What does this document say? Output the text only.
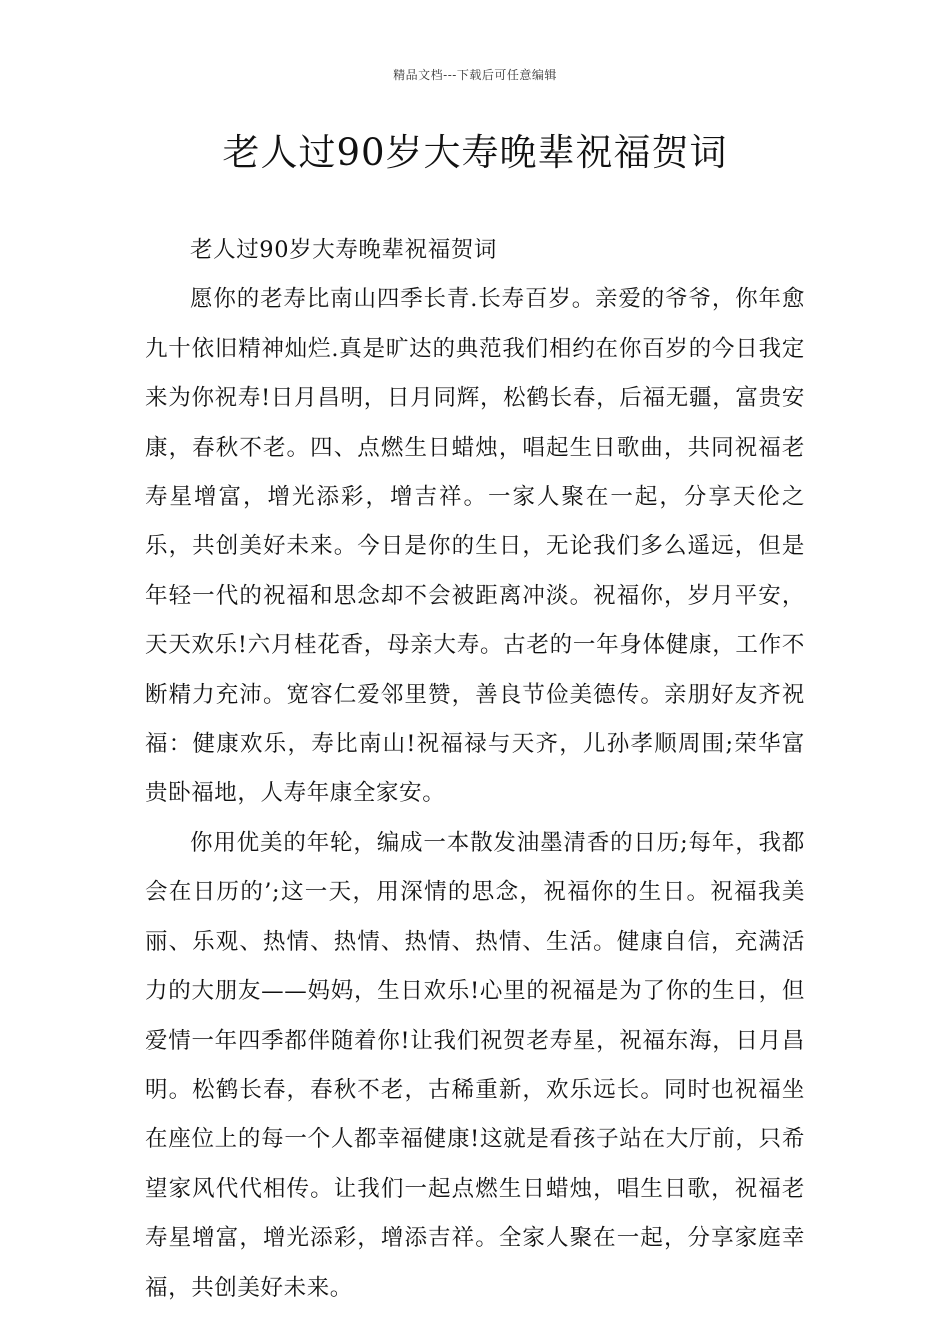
精品文档---下载后可任意编辑
老人过90岁大寿晚辈祝福贺词

老人过90岁大寿晚辈祝福贺词

愿你的老寿比南山四季长青.长寿百岁。亲爱的爷爷，你年愈九十依旧精神灿烂.真是旷达的典范我们相约在你百岁的今日我定来为你祝寿!日月昌明，日月同辉，松鹤长春，后福无疆，富贵安康，春秋不老。四、点燃生日蜡烛，唱起生日歌曲，共同祝福老寿星增富，增光添彩，增吉祥。一家人聚在一起，分享天伦之乐，共创美好未来。今日是你的生日，无论我们多么遥远，但是年轻一代的祝福和思念却不会被距离冲淡。祝福你，岁月平安，天天欢乐!六月桂花香，母亲大寿。古老的一年身体健康，工作不断精力充沛。宽容仁爱邻里赞，善良节俭美德传。亲朋好友齐祝福：健康欢乐，寿比南山!祝福禄与天齐，儿孙孝顺周围;荣华富贵卧福地，人寿年康全家安。

你用优美的年轮，编成一本散发油墨清香的日历;每年，我都会在日历的’;这一天，用深情的思念，祝福你的生日。祝福我美丽、乐观、热情、热情、热情、热情、生活。健康自信，充满活力的大朋友——妈妈，生日欢乐!心里的祝福是为了你的生日，但爱情一年四季都伴随着你!让我们祝贺老寿星，祝福东海，日月昌明。松鹤长春，春秋不老，古稀重新，欢乐远长。同时也祝福坐在座位上的每一个人都幸福健康!这就是看孩子站在大厅前，只希望家风代代相传。让我们一起点燃生日蜡烛，唱生日歌，祝福老寿星增富，增光添彩，增添吉祥。全家人聚在一起，分享家庭幸福，共创美好未来。
